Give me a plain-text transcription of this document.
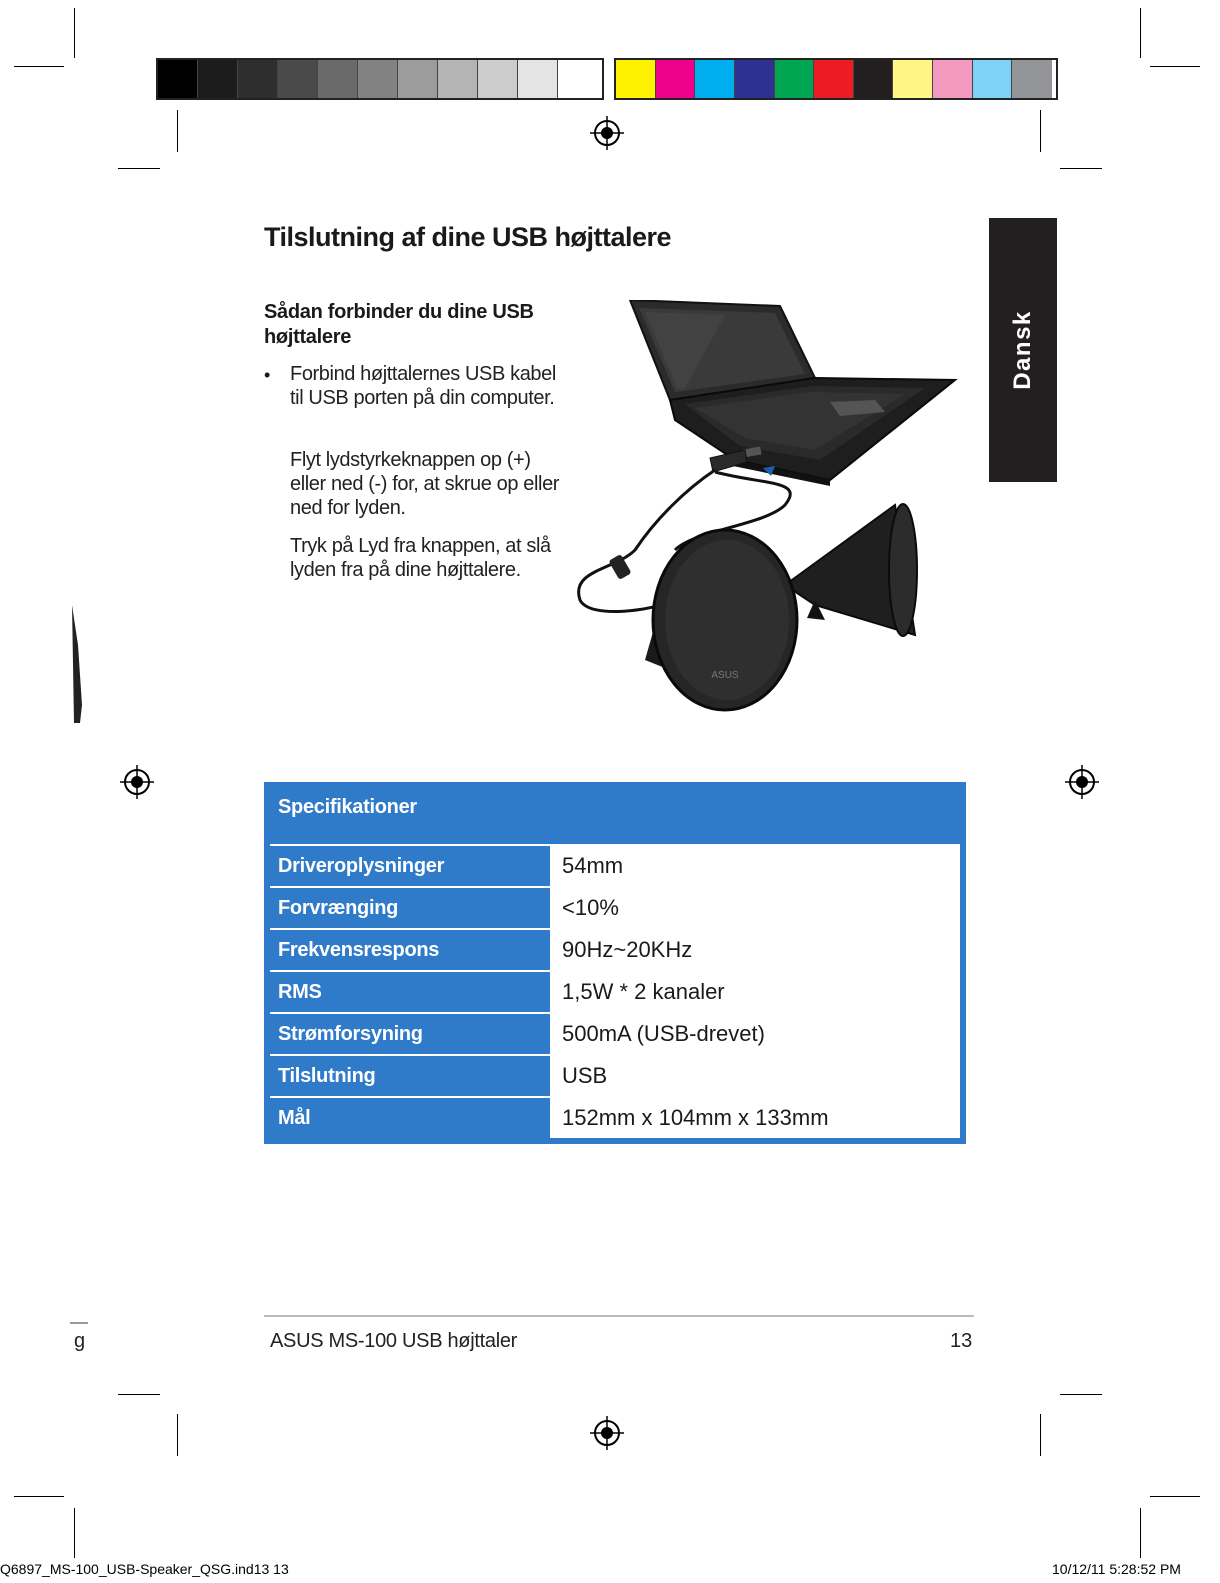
Tilslutning af dine USB højttalere
Dansk
Sådan forbinder du dine USB højttalere
• Forbind højttalernes USB kabel til USB porten på din computer.
Flyt lydstyrkeknappen op (+) eller ned (-) for, at skrue op eller ned for lyden.
Tryk på Lyd fra knappen, at slå lyden fra på dine højttalere.
ASUS
Specifikationer
Driveroplysninger	54mm
Forvrænging	<10%
Frekvensrespons	90Hz~20KHz
RMS	1,5W * 2 kanaler
Strømforsyning	500mA (USB-drevet)
Tilslutning	USB
Mål	152mm x 104mm x 133mm
g	ASUS MS-100 USB højttaler	13
Q6897_MS-100_USB-Speaker_QSG.ind13 13	10/12/11 5:28:52 PM
